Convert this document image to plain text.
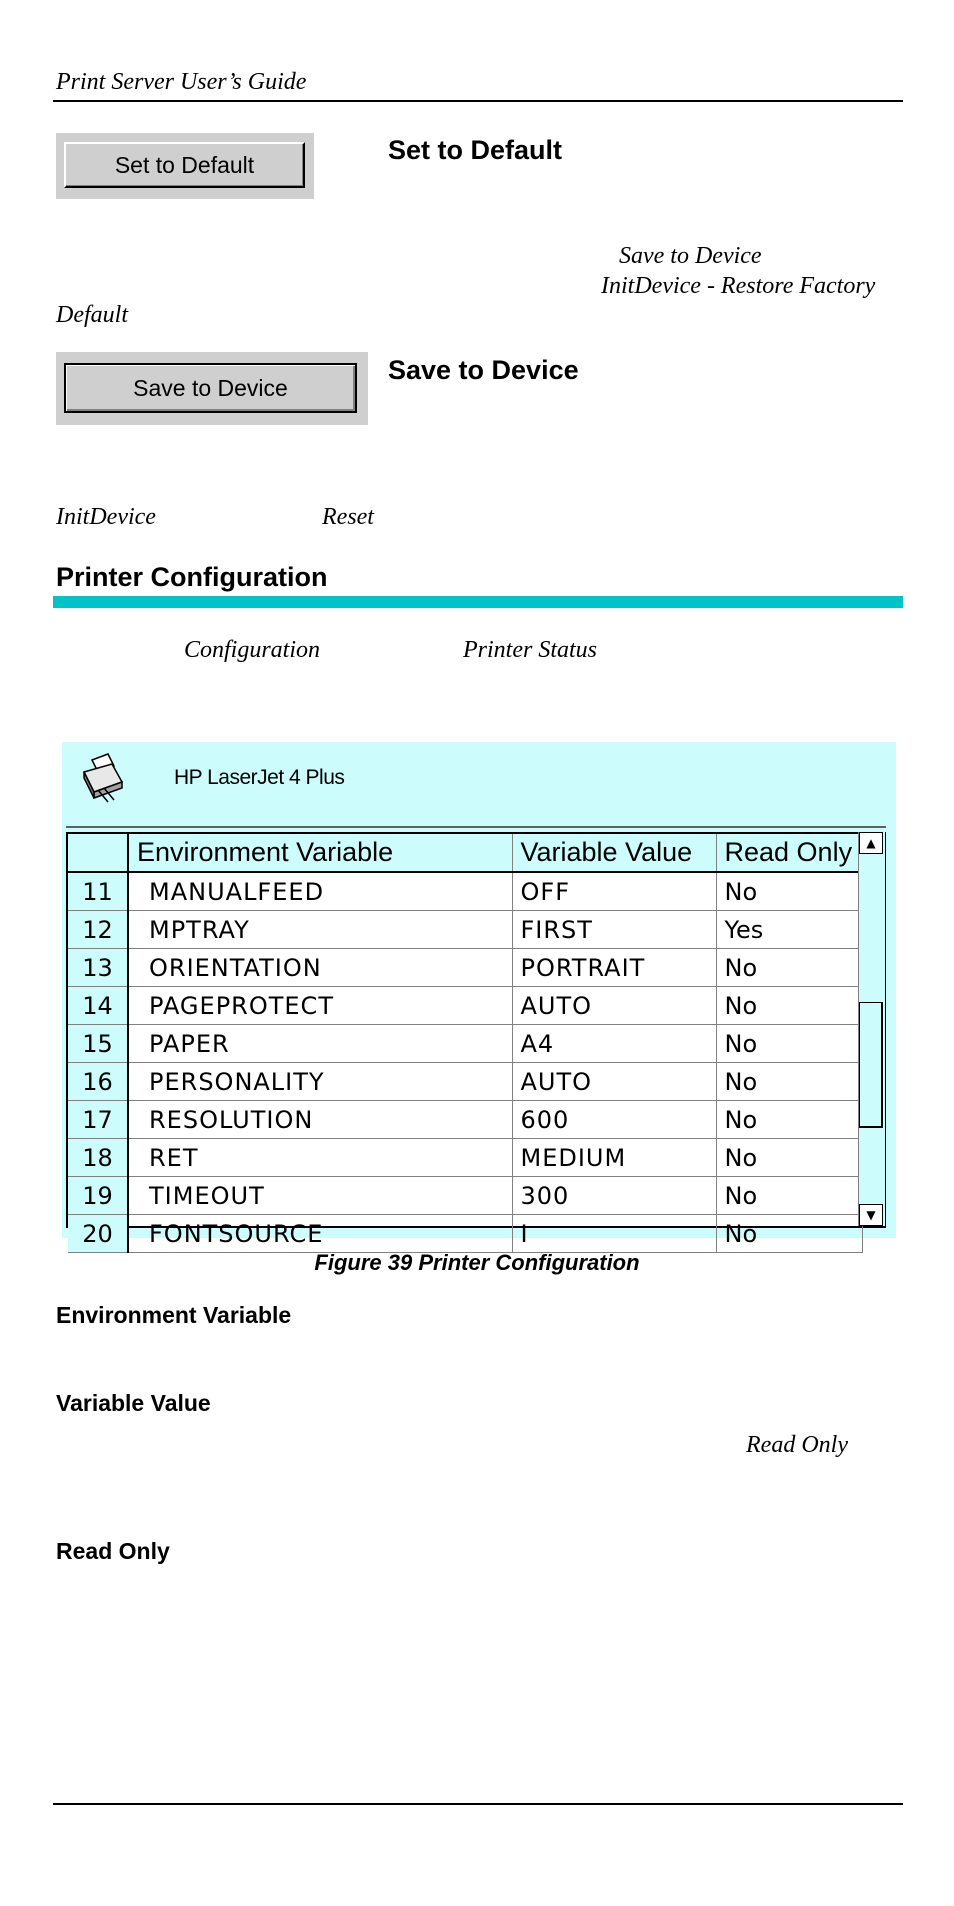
Print Server User’s Guide
Set to Default	Set to Default
Save to Device
InitDevice - Restore Factory
Default
Save to Device
Save to Device
InitDevice	Reset
Printer Configuration
Configuration	Printer Status
HP LaserJet 4 Plus
	Environment Variable	Variable Value	Read Only
11	MANUALFEED	OFF	No
12	MPTRAY	FIRST	Yes
13	ORIENTATION	PORTRAIT	No
14	PAGEPROTECT	AUTO	No
15	PAPER	A4	No
16	PERSONALITY	AUTO	No
17	RESOLUTION	600	No
18	RET	MEDIUM	No
19	TIMEOUT	300	No
20	FONTSOURCE	I	No
▲
▼
Figure 39 Printer Configuration
Environment Variable
Variable Value
Read Only
Read Only
